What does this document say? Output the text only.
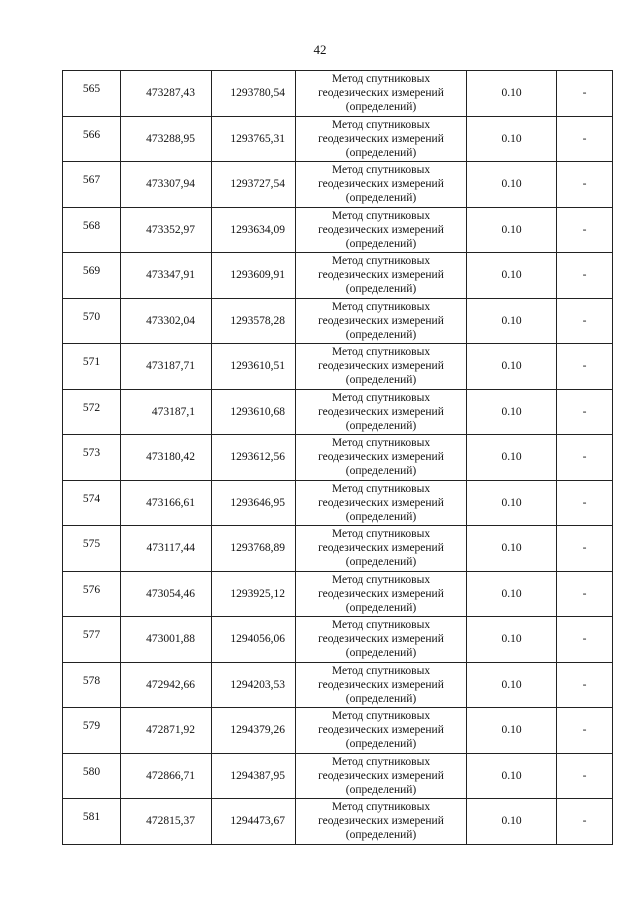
42
565	473287,43	1293780,54	Метод спутниковых геодезических измерений (определений)	0.10	-
566	473288,95	1293765,31	Метод спутниковых геодезических измерений (определений)	0.10	-
567	473307,94	1293727,54	Метод спутниковых геодезических измерений (определений)	0.10	-
568	473352,97	1293634,09	Метод спутниковых геодезических измерений (определений)	0.10	-
569	473347,91	1293609,91	Метод спутниковых геодезических измерений (определений)	0.10	-
570	473302,04	1293578,28	Метод спутниковых геодезических измерений (определений)	0.10	-
571	473187,71	1293610,51	Метод спутниковых геодезических измерений (определений)	0.10	-
572	473187,1	1293610,68	Метод спутниковых геодезических измерений (определений)	0.10	-
573	473180,42	1293612,56	Метод спутниковых геодезических измерений (определений)	0.10	-
574	473166,61	1293646,95	Метод спутниковых геодезических измерений (определений)	0.10	-
575	473117,44	1293768,89	Метод спутниковых геодезических измерений (определений)	0.10	-
576	473054,46	1293925,12	Метод спутниковых геодезических измерений (определений)	0.10	-
577	473001,88	1294056,06	Метод спутниковых геодезических измерений (определений)	0.10	-
578	472942,66	1294203,53	Метод спутниковых геодезических измерений (определений)	0.10	-
579	472871,92	1294379,26	Метод спутниковых геодезических измерений (определений)	0.10	-
580	472866,71	1294387,95	Метод спутниковых геодезических измерений (определений)	0.10	-
581	472815,37	1294473,67	Метод спутниковых геодезических измерений (определений)	0.10	-
